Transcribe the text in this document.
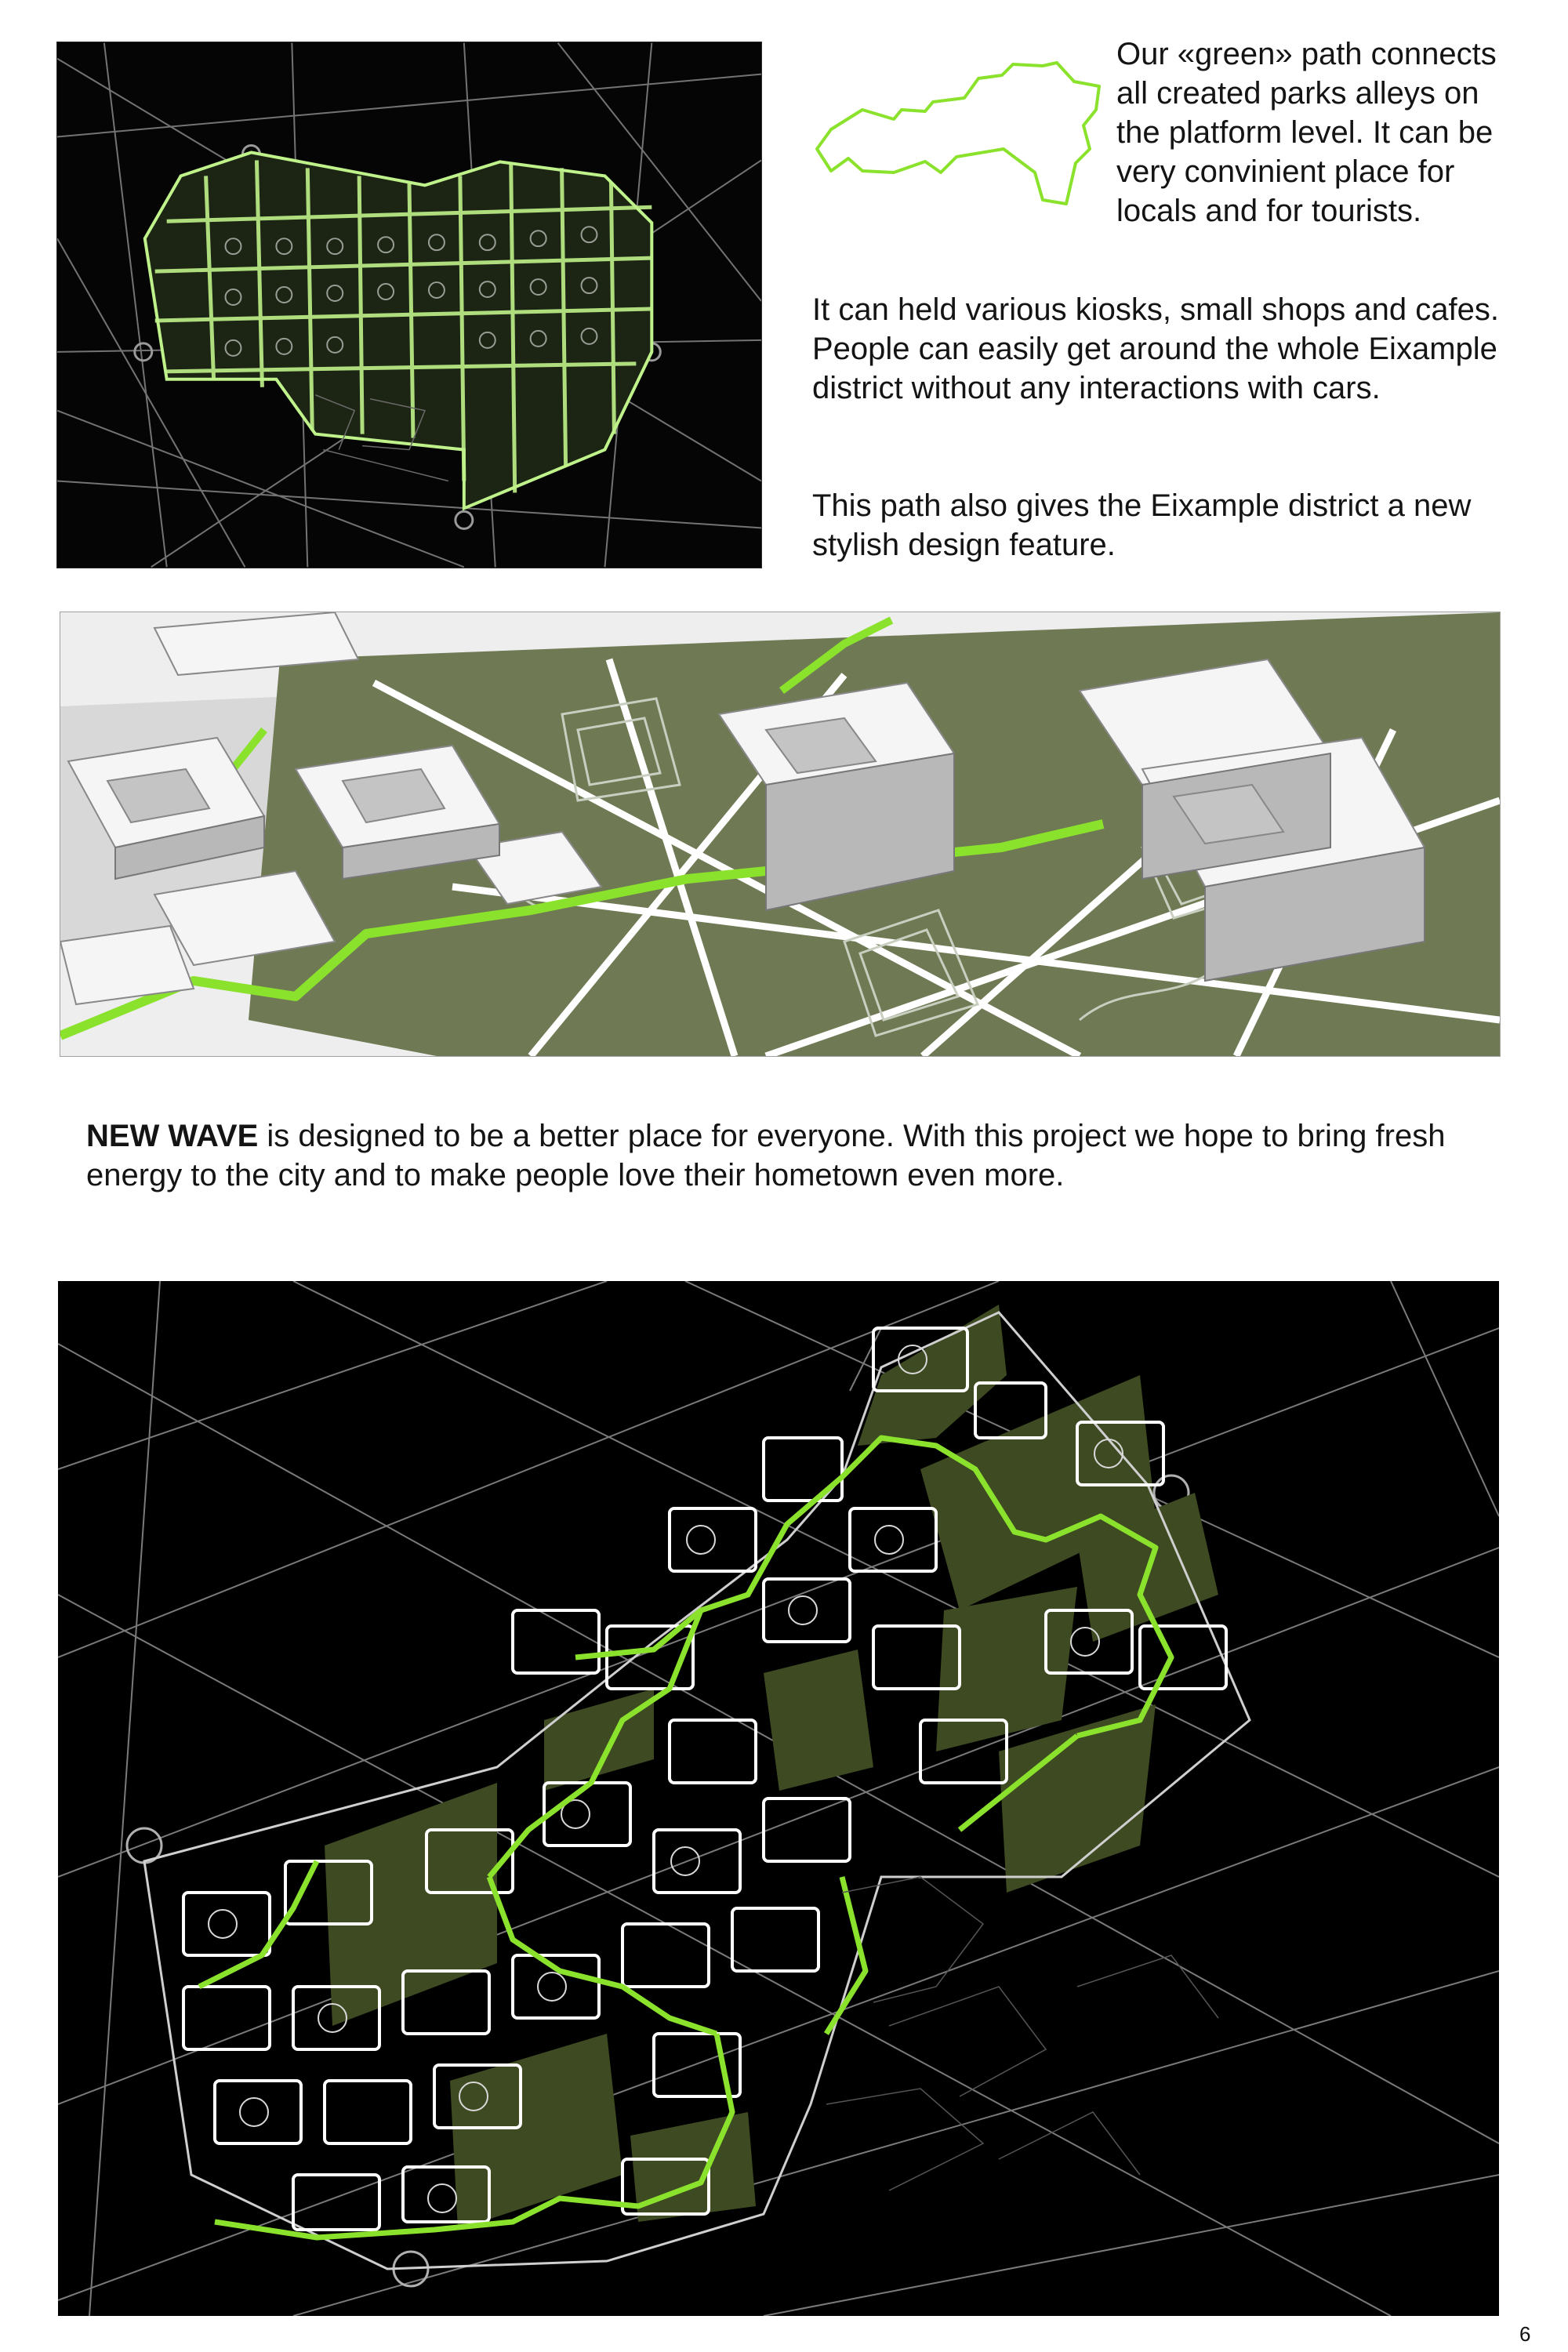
Our «green» path connects all created parks alleys on the platform level. It can be very convinient place for locals and for tourists.

It can held various kiosks, small shops and cafes. People can easily get around the whole Eixample district without any interactions with cars.

This path also gives the Eixample district a new stylish design feature.

NEW WAVE is designed to be a better place for everyone. With this project we hope to bring fresh energy to the city and to make people love their hometown even more.

6
